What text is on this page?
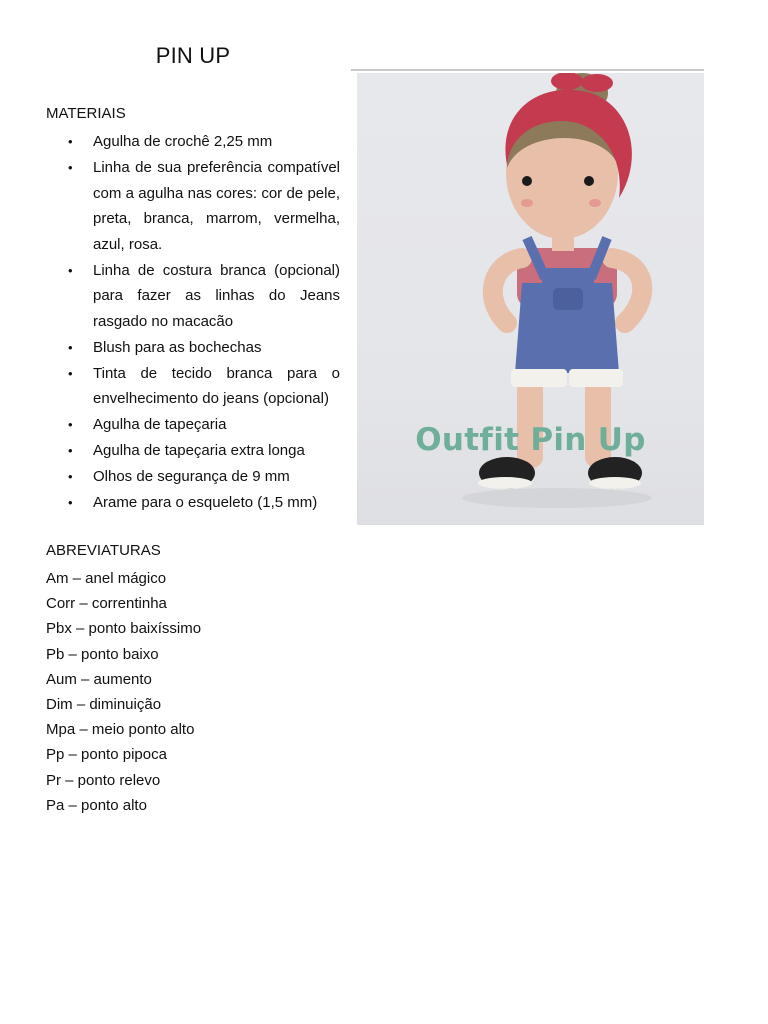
PIN UP
MATERIAIS
•	Agulha de crochê 2,25 mm
•	Linha de sua preferência compatível com a agulha nas cores: cor de pele, preta, branca, marrom, vermelha, azul, rosa.
•	Linha de costura branca (opcional) para fazer as linhas do Jeans rasgado no macacão
•	Blush para as bochechas
•	Tinta de tecido branca para o envelhecimento do jeans (opcional)
•	Agulha de tapeçaria
•	Agulha de tapeçaria extra longa
•	Olhos de segurança de 9 mm
•	Arame para o esqueleto (1,5 mm)
ABREVIATURAS
Am – anel mágico
Corr – correntinha
Pbx – ponto baixíssimo
Pb – ponto baixo
Aum – aumento
Dim – diminuição
Mpa – meio ponto alto
Pp – ponto pipoca
Pr – ponto relevo
Pa – ponto alto
Outfit Pin Up
